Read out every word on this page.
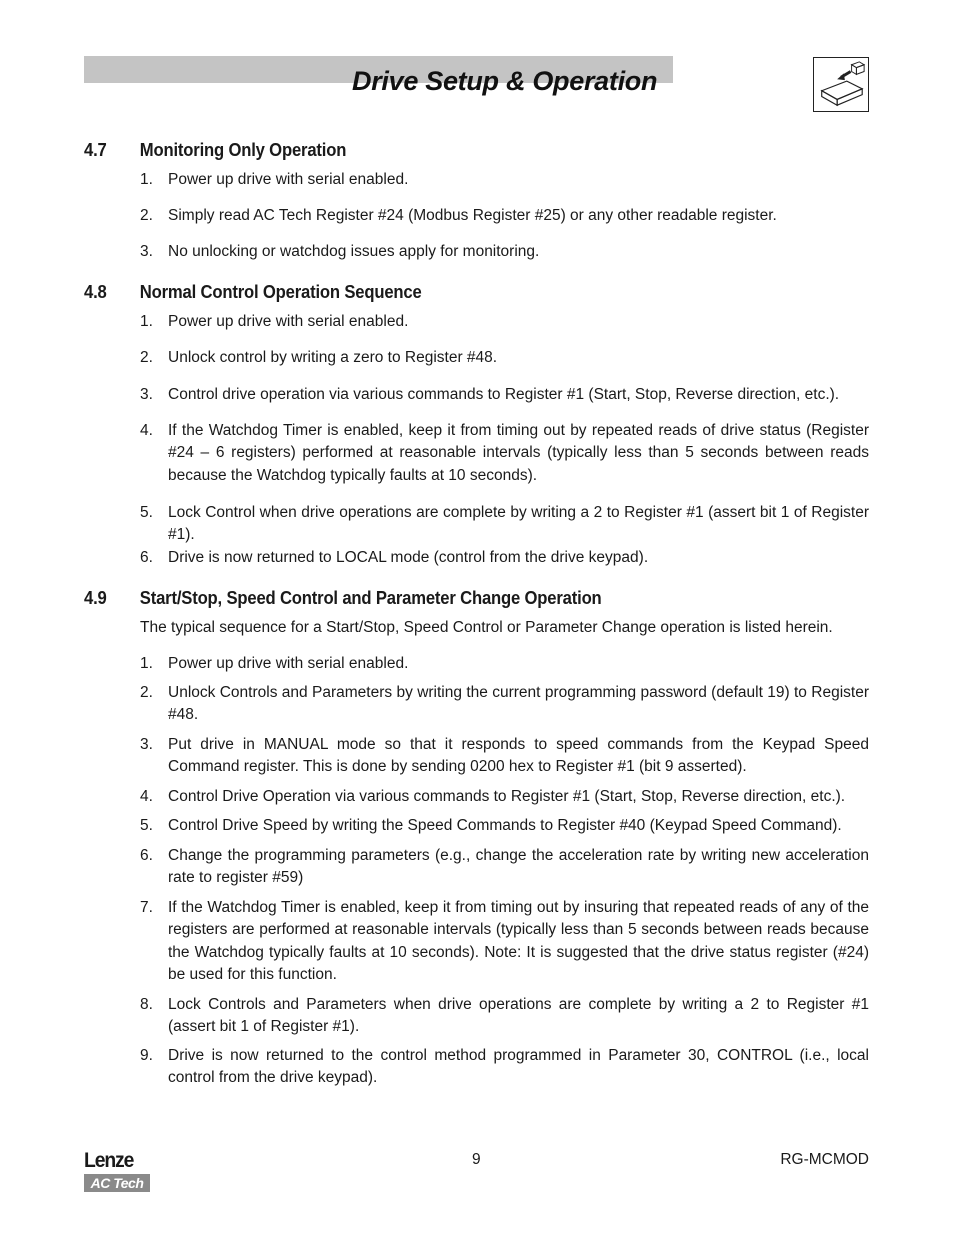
Drive Setup & Operation
4.7 Monitoring Only Operation
1. Power up drive with serial enabled.
2. Simply read AC Tech Register #24 (Modbus Register #25) or any other readable register.
3. No unlocking or watchdog issues apply for monitoring.
4.8 Normal Control Operation Sequence
1. Power up drive with serial enabled.
2. Unlock control by writing a zero to Register #48.
3. Control drive operation via various commands to Register #1 (Start, Stop, Reverse direction, etc.).
4. If the Watchdog Timer is enabled, keep it from timing out by repeated reads of drive status (Register #24 – 6 registers) performed at reasonable intervals (typically less than 5 seconds between reads because the Watchdog typically faults at 10 seconds).
5. Lock Control when drive operations are complete by writing a 2 to Register #1 (assert bit 1 of Register #1).
6. Drive is now returned to LOCAL mode (control from the drive keypad).
4.9 Start/Stop, Speed Control and Parameter Change Operation
The typical sequence for a Start/Stop, Speed Control or Parameter Change operation is listed herein.
1. Power up drive with serial enabled.
2. Unlock Controls and Parameters by writing the current programming password (default 19) to Register #48.
3. Put drive in MANUAL mode so that it responds to speed commands from the Keypad Speed Command register. This is done by sending 0200 hex to Register #1 (bit 9 asserted).
4. Control Drive Operation via various commands to Register #1 (Start, Stop, Reverse direction, etc.).
5. Control Drive Speed by writing the Speed Commands to Register #40 (Keypad Speed Command).
6. Change the programming parameters (e.g., change the acceleration rate by writing new acceleration rate to register #59)
7. If the Watchdog Timer is enabled, keep it from timing out by insuring that repeated reads of any of the registers are performed at reasonable intervals (typically less than 5 seconds between reads because the Watchdog typically faults at 10 seconds). Note: It is suggested that the drive status register (#24) be used for this function.
8. Lock Controls and Parameters when drive operations are complete by writing a 2 to Register #1 (assert bit 1 of Register #1).
9. Drive is now returned to the control method programmed in Parameter 30, CONTROL (i.e., local control from the drive keypad).
Lenze
AC Tech
9	RG-MCMOD
